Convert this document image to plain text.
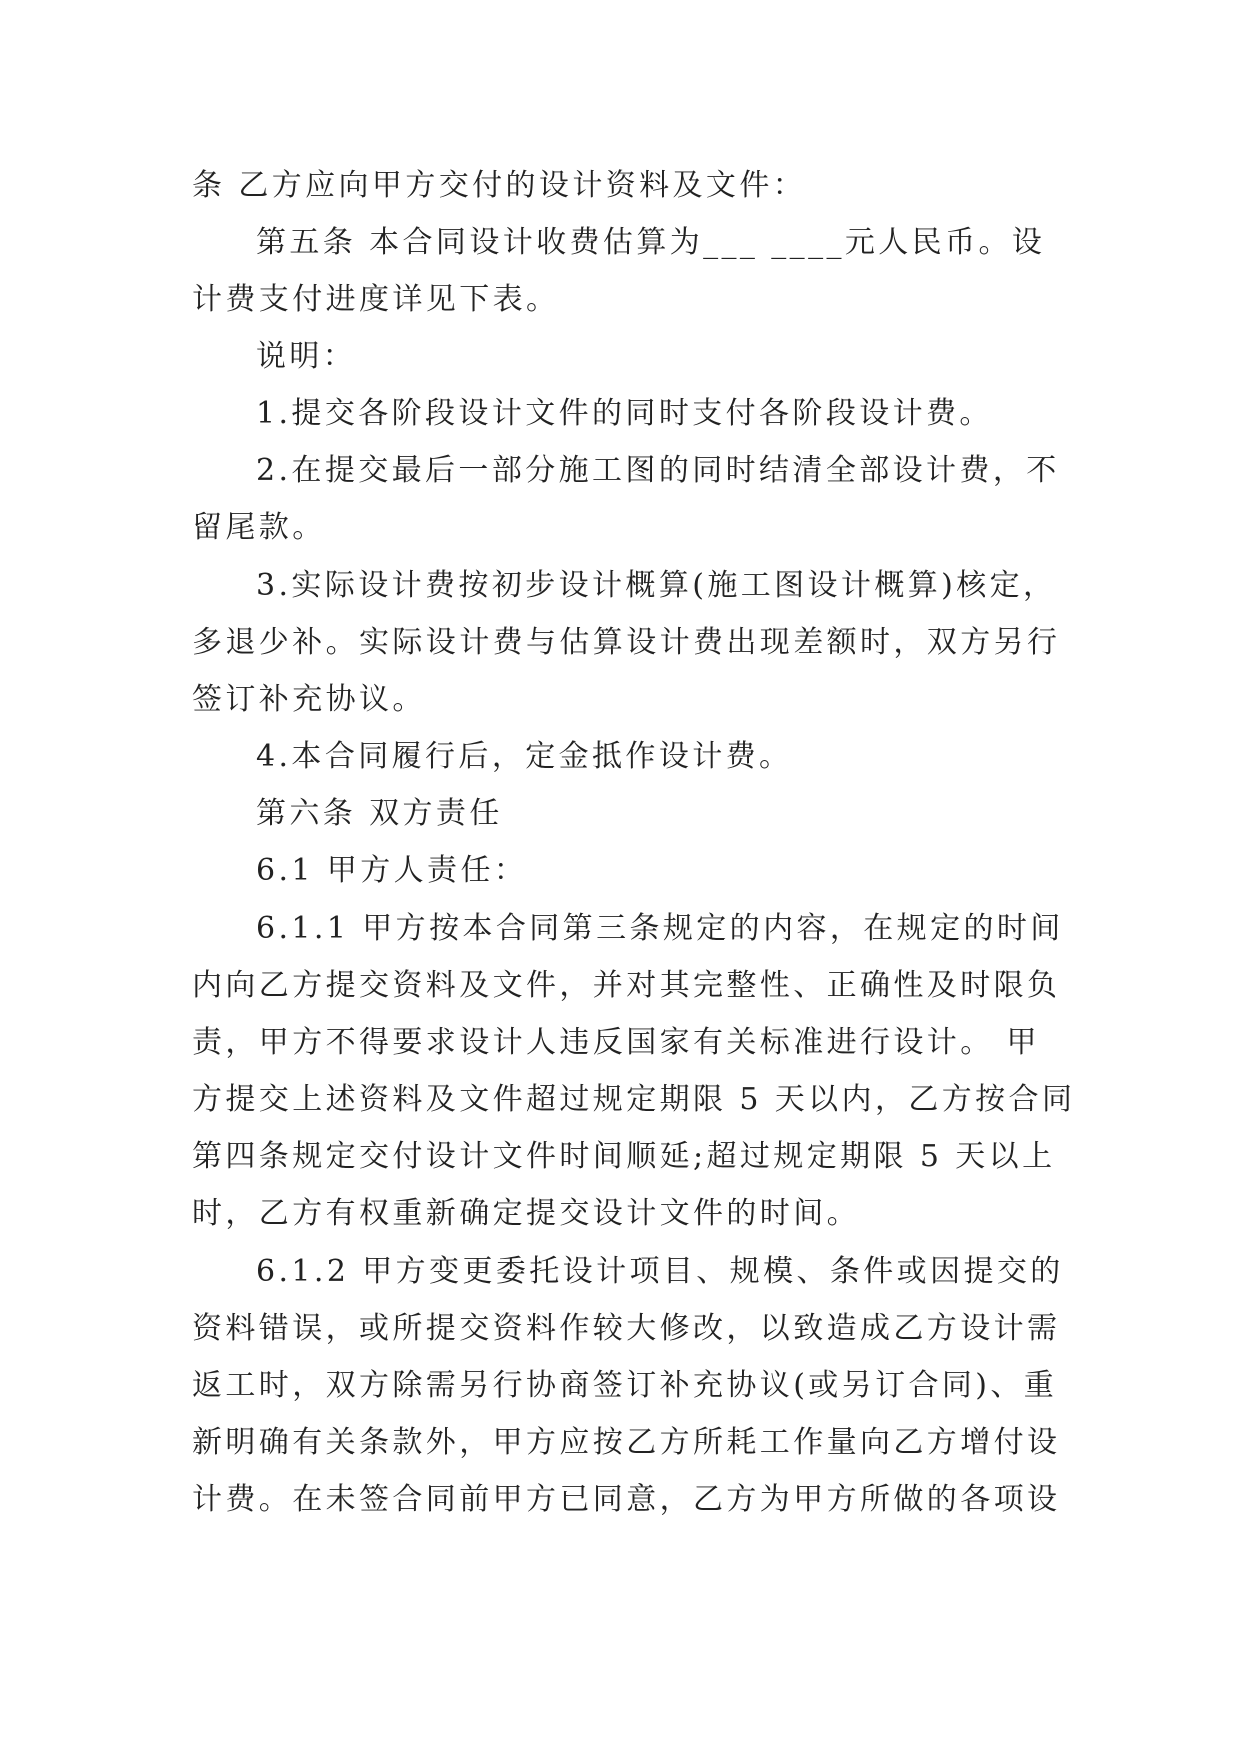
条 乙方应向甲方交付的设计资料及文件：
第五条 本合同设计收费估算为___ ____元人民币。设
计费支付进度详见下表。
说明：
1.提交各阶段设计文件的同时支付各阶段设计费。
2.在提交最后一部分施工图的同时结清全部设计费，不
留尾款。
3.实际设计费按初步设计概算(施工图设计概算)核定，
多退少补。实际设计费与估算设计费出现差额时，双方另行
签订补充协议。
4.本合同履行后，定金抵作设计费。
第六条 双方责任
6.1 甲方人责任：
6.1.1 甲方按本合同第三条规定的内容，在规定的时间
内向乙方提交资料及文件，并对其完整性、正确性及时限负
责，甲方不得要求设计人违反国家有关标准进行设计。 甲
方提交上述资料及文件超过规定期限 5 天以内，乙方按合同
第四条规定交付设计文件时间顺延;超过规定期限 5 天以上
时，乙方有权重新确定提交设计文件的时间。
6.1.2 甲方变更委托设计项目、规模、条件或因提交的
资料错误，或所提交资料作较大修改，以致造成乙方设计需
返工时，双方除需另行协商签订补充协议(或另订合同)、重
新明确有关条款外，甲方应按乙方所耗工作量向乙方增付设
计费。在未签合同前甲方已同意，乙方为甲方所做的各项设
